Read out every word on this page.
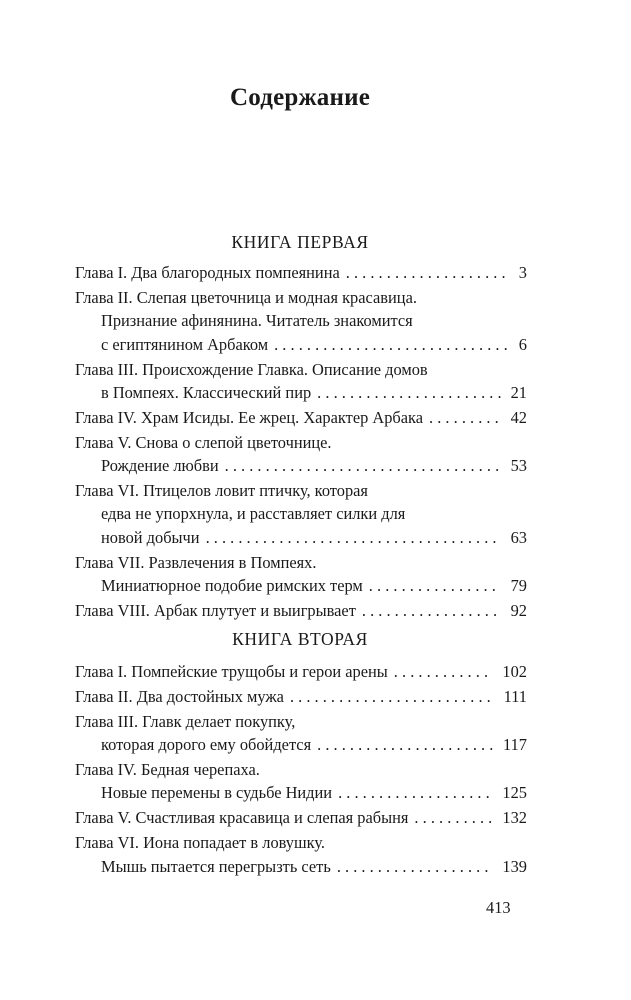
Содержание
КНИГА ПЕРВАЯ
Глава I. Два благородных помпеянина . . .	3
Глава II. Слепая цветочница и модная красавица.
Признание афинянина. Читатель знакомится
с египтянином Арбаком . . .	6
Глава III. Происхождение Главка. Описание домов
в Помпеях. Классический пир . . .	21
Глава IV. Храм Исиды. Ее жрец. Характер Арбака . . .	42
Глава V. Снова о слепой цветочнице.
Рождение любви . . .	53
Глава VI. Птицелов ловит птичку, которая
едва не упорхнула, и расставляет силки для
новой добычи . . .	63
Глава VII. Развлечения в Помпеях.
Миниатюрное подобие римских терм . . .	79
Глава VIII. Арбак плутует и выигрывает . . .	92
КНИГА ВТОРАЯ
Глава I. Помпейские трущобы и герои арены . . .	102
Глава II. Два достойных мужа . . .	111
Глава III. Главк делает покупку,
которая дорого ему обойдется . . .	117
Глава IV. Бедная черепаха.
Новые перемены в судьбе Нидии . . .	125
Глава V. Счастливая красавица и слепая рабыня . . .	132
Глава VI. Иона попадает в ловушку.
Мышь пытается перегрызть сеть . . .	139
413
